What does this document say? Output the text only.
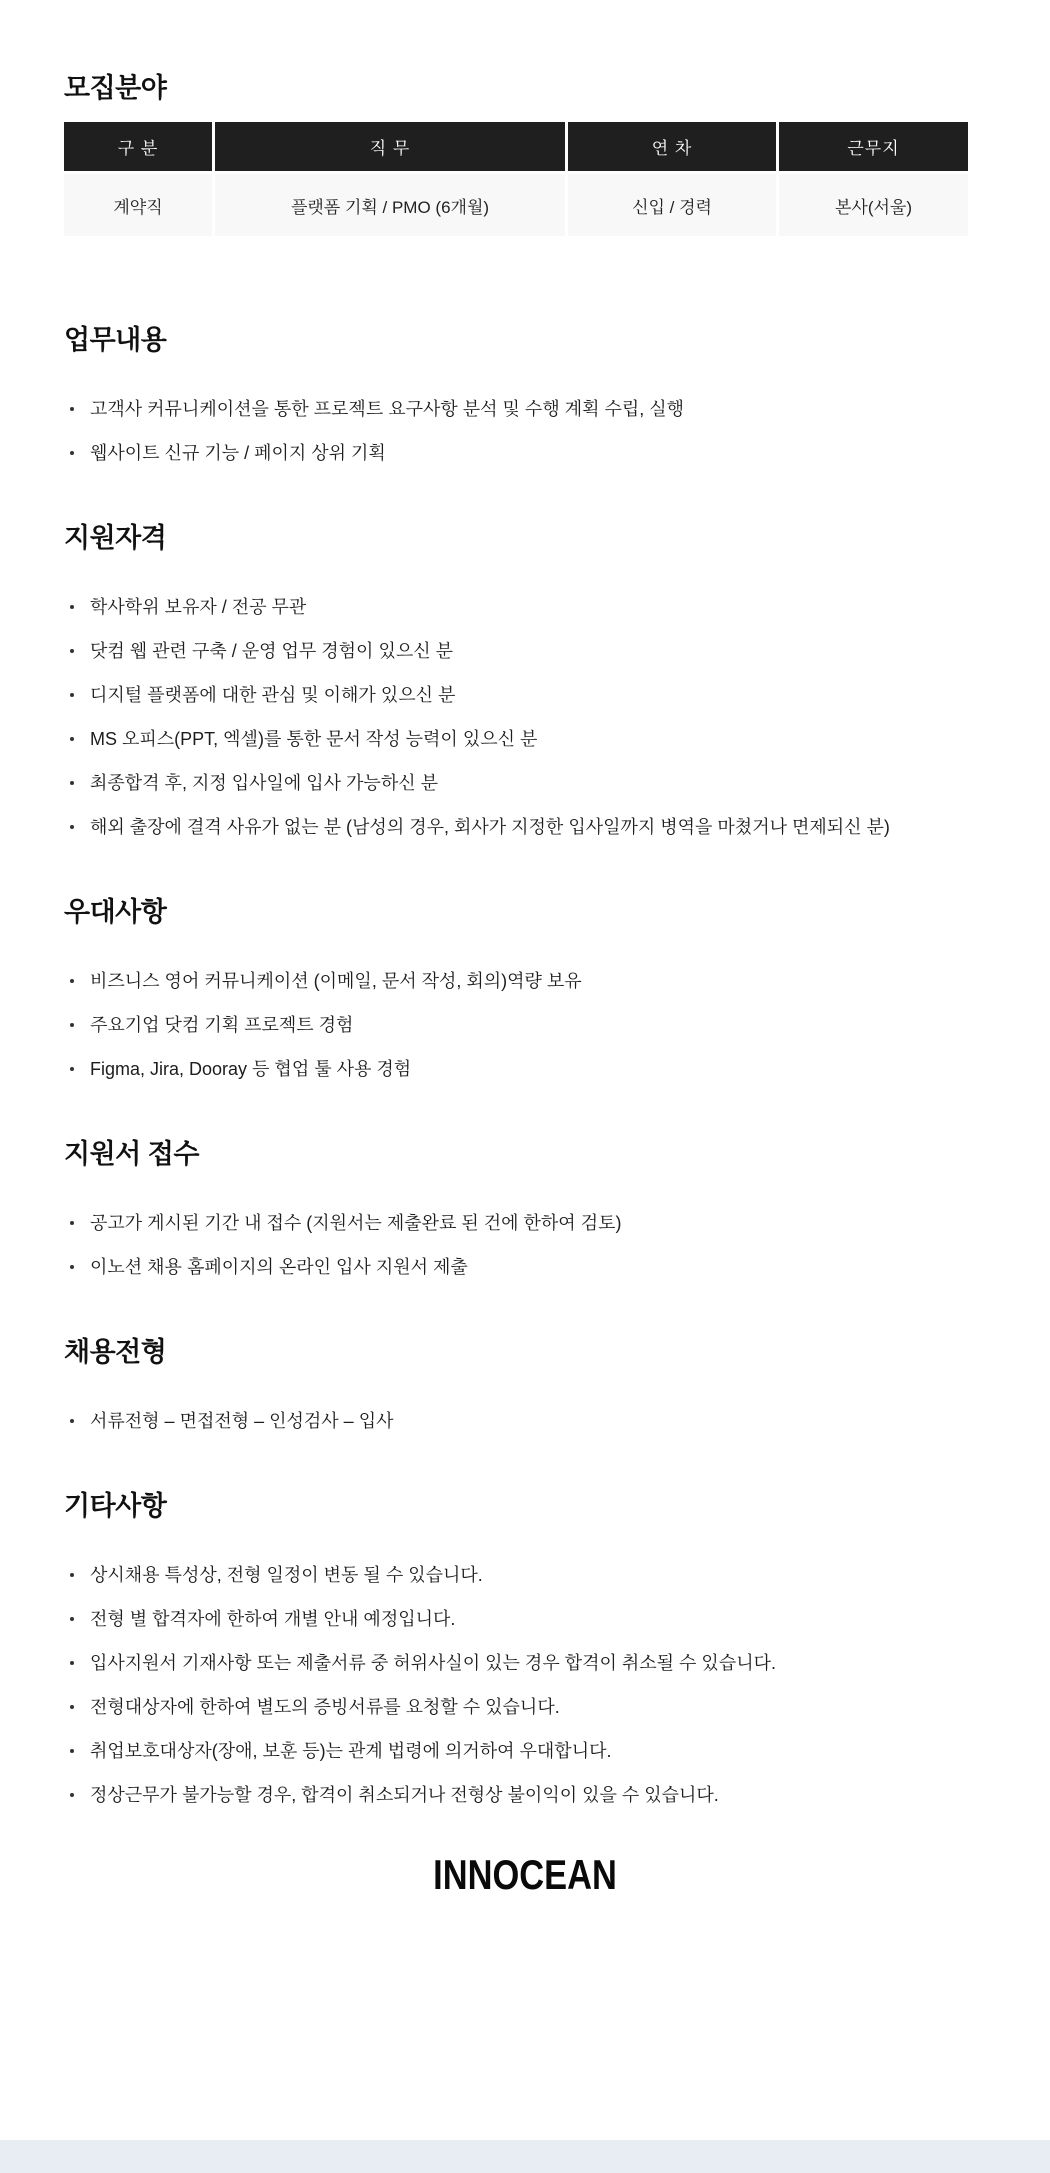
모집분야
구 분	직 무	연 차	근무지
계약직	플랫폼 기획 / PMO (6개월)	신입 / 경력	본사(서울)
업무내용
고객사 커뮤니케이션을 통한 프로젝트 요구사항 분석 및 수행 계획 수립, 실행
웹사이트 신규 기능 / 페이지 상위 기획
지원자격
학사학위 보유자 / 전공 무관
닷컴 웹 관련 구축 / 운영 업무 경험이 있으신 분
디지털 플랫폼에 대한 관심 및 이해가 있으신 분
MS 오피스(PPT, 엑셀)를 통한 문서 작성 능력이 있으신 분
최종합격 후, 지정 입사일에 입사 가능하신 분
해외 출장에 결격 사유가 없는 분 (남성의 경우, 회사가 지정한 입사일까지 병역을 마쳤거나 면제되신 분)
우대사항
비즈니스 영어 커뮤니케이션 (이메일, 문서 작성, 회의)역량 보유
주요기업 닷컴 기획 프로젝트 경험
Figma, Jira, Dooray 등 협업 툴 사용 경험
지원서 접수
공고가 게시된 기간 내 접수 (지원서는 제출완료 된 건에 한하여 검토)
이노션 채용 홈페이지의 온라인 입사 지원서 제출
채용전형
서류전형 – 면접전형 – 인성검사 – 입사
기타사항
상시채용 특성상, 전형 일정이 변동 될 수 있습니다.
전형 별 합격자에 한하여 개별 안내 예정입니다.
입사지원서 기재사항 또는 제출서류 중 허위사실이 있는 경우 합격이 취소될 수 있습니다.
전형대상자에 한하여 별도의 증빙서류를 요청할 수 있습니다.
취업보호대상자(장애, 보훈 등)는 관계 법령에 의거하여 우대합니다.
정상근무가 불가능할 경우, 합격이 취소되거나 전형상 불이익이 있을 수 있습니다.
INNOCEAN
